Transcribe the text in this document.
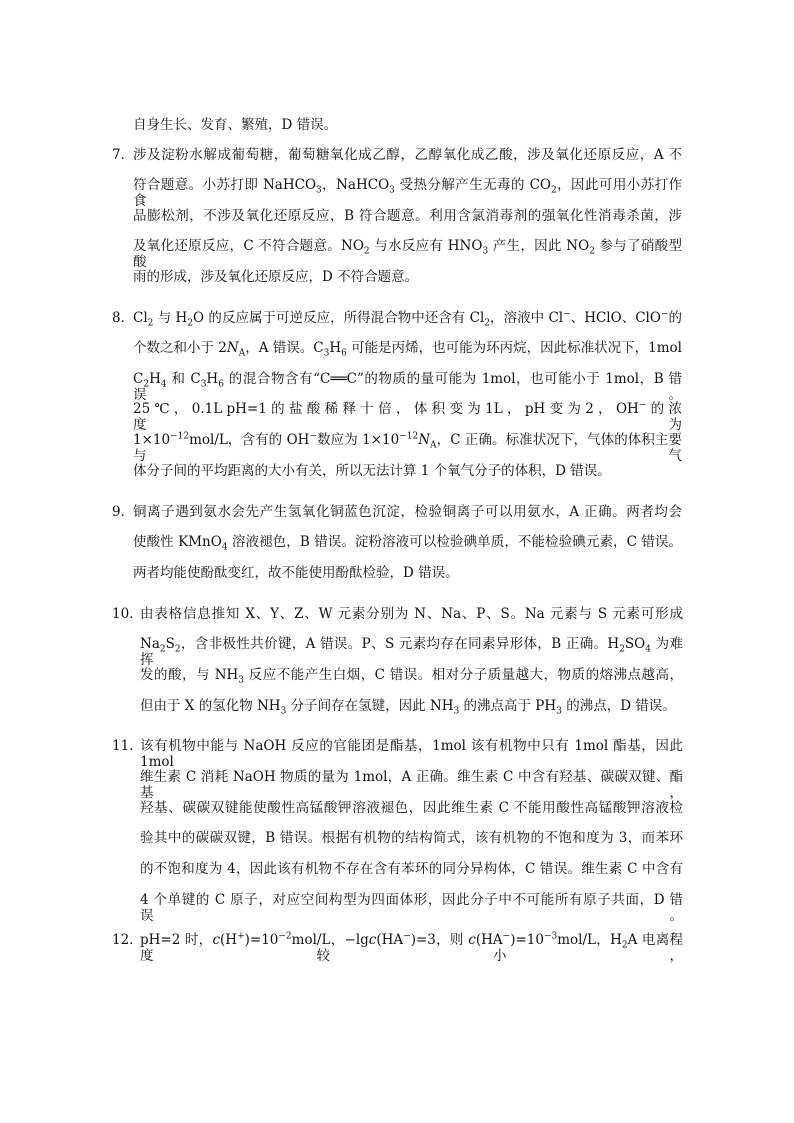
自身生长、发育、繁殖，D 错误。
7．
涉及淀粉水解成葡萄糖，葡萄糖氧化成乙醇，乙醇氧化成乙酸，涉及氧化还原反应，A 不
符合题意。小苏打即 NaHCO$_3$，NaHCO$_3$ 受热分解产生无毒的 $CO_2$，因此可用小苏打作食
品膨松剂，不涉及氧化还原反应，B 符合题意。利用含氯消毒剂的强氧化性消毒杀菌，涉
及氧化还原反应，C 不符合题意。$NO_2$ 与水反应有 $HNO_3$ 产生，因此 $NO_2$ 参与了硝酸型酸
雨的形成，涉及氧化还原反应，D 不符合题意。
8．
$Cl_2$ 与 $H_2O$ 的反应属于可逆反应，所得混合物中还含有 $Cl_2$，溶液中 Cl−、HClO、ClO−的
个数之和小于 $2N_A$，A 错误。$C_3H_6$ 可能是丙烯，也可能为环丙烷，因此标准状况下，1mol
$C_2H_4$ 和 $C_3H_6$ 的混合物含有“C══C”的物质的量可能为 1mol，也可能小于 1mol，B 错误。
25 ℃ ， 0.1L pH=1 的 盐 酸 稀 释 十 倍 ， 体 积 变 为 1L ， pH 变 为 2 ， OH− 的 浓 度 为
$1\times 10^{-12}mol/L$，含有的 OH−数应为 $1\times 10^{-12}N_A$，C 正确。标准状况下，气体的体积主要与气
体分子间的平均距离的大小有关，所以无法计算 1 个氧气分子的体积，D 错误。
9．
铜离子遇到氨水会先产生氢氧化铜蓝色沉淀，检验铜离子可以用氨水，A 正确。两者均会
使酸性 KMnO$_4$ 溶液褪色，B 错误。淀粉溶液可以检验碘单质，不能检验碘元素，C 错误。
两者均能使酚酞变红，故不能使用酚酞检验，D 错误。
10．
由表格信息推知 X、Y、Z、W 元素分别为 N、Na、P、S。Na 元素与 S 元素可形成
$Na_2S_2$，含非极性共价键，A 错误。P、S 元素均存在同素异形体，B 正确。$H_2SO_4$ 为难挥
发的酸，与 $NH_3$ 反应不能产生白烟，C 错误。相对分子质量越大，物质的熔沸点越高，
但由于 X 的氢化物 $NH_3$ 分子间存在氢键，因此 $NH_3$ 的沸点高于 $PH_3$ 的沸点，D 错误。
11．
该有机物中能与 NaOH 反应的官能团是酯基，1mol 该有机物中只有 1mol 酯基，因此 1mol
维生素 C 消耗 NaOH 物质的量为 1mol，A 正确。维生素 C 中含有羟基、碳碳双键、酯基，
羟基、碳碳双键能使酸性高锰酸钾溶液褪色，因此维生素 C 不能用酸性高锰酸钾溶液检
验其中的碳碳双键，B 错误。根据有机物的结构简式，该有机物的不饱和度为 3，而苯环
的不饱和度为 4，因此该有机物不存在含有苯环的同分异构体，C 错误。维生素 C 中含有
4 个单键的 C 原子，对应空间构型为四面体形，因此分子中不可能所有原子共面，D 错误。
12．
pH=2 时，$c(H^+)=10^{-2}mol/L$，−lgc(HA−)=3，则 $c(HA^-)=10^{-3}mol/L$，$H_2A$ 电离程度较小，
